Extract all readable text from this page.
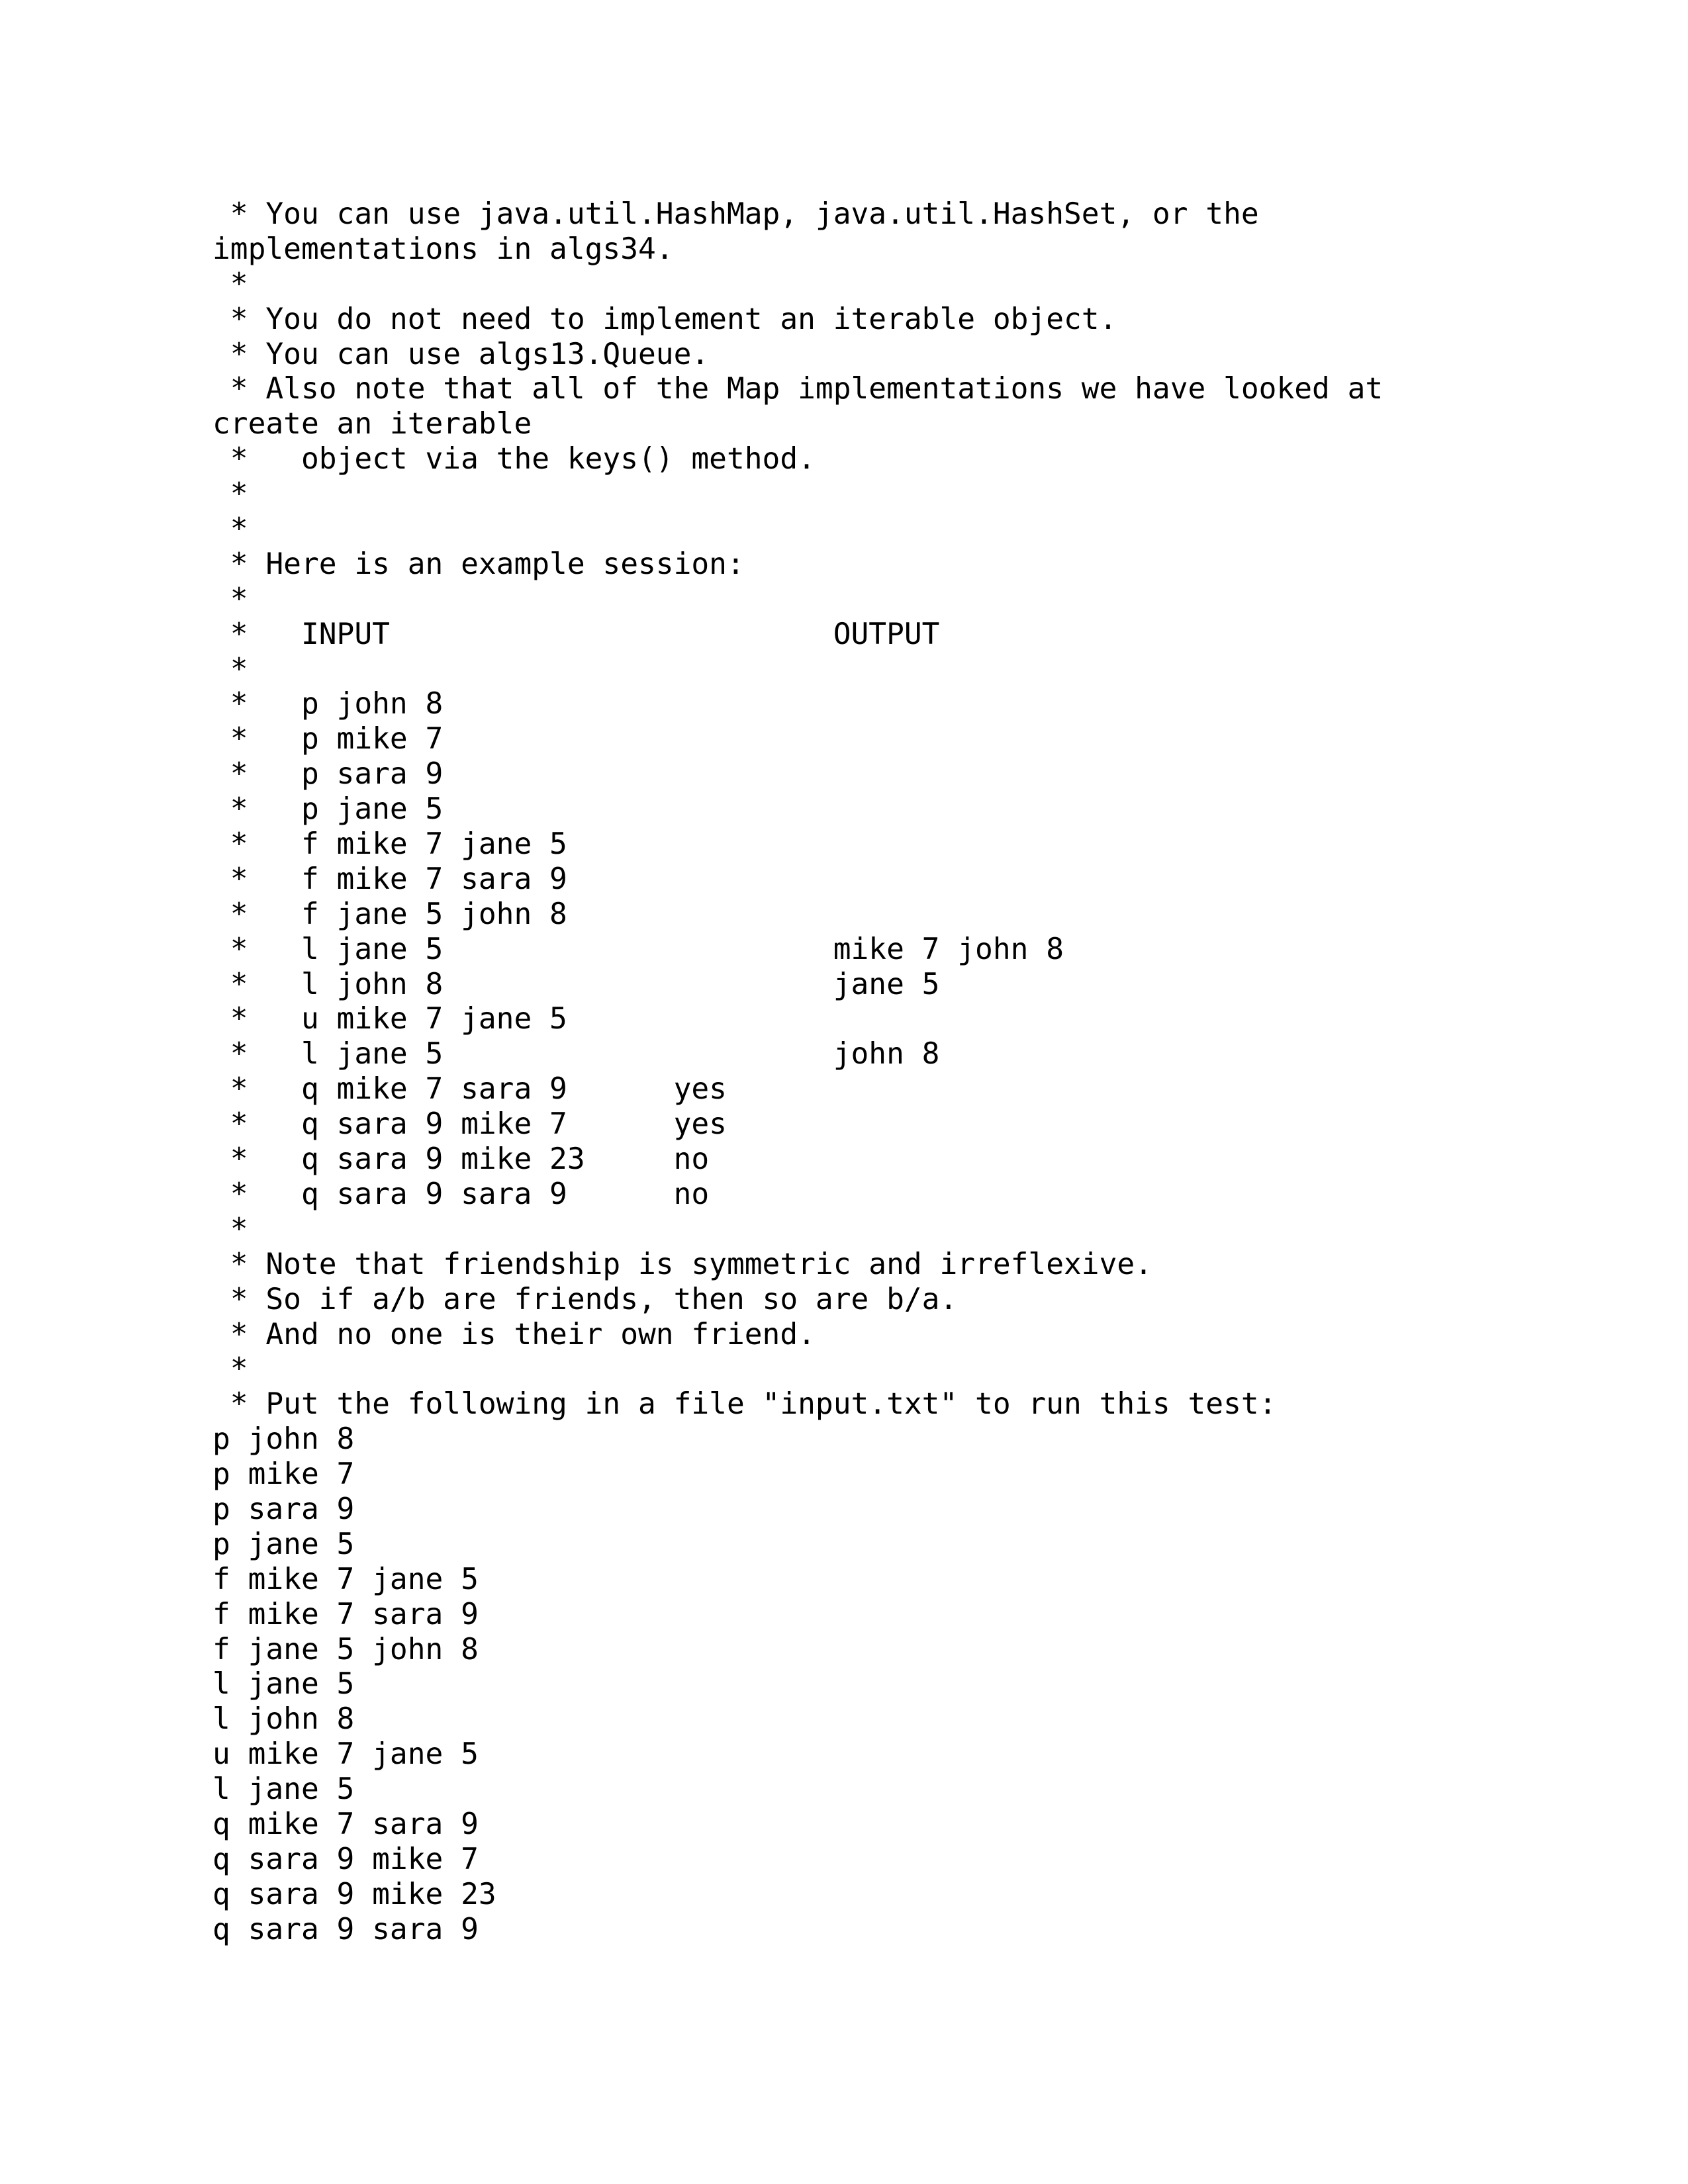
* You can use java.util.HashMap, java.util.HashSet, or the
implementations in algs34.
*
* You do not need to implement an iterable object.
* You can use algs13.Queue.
* Also note that all of the Map implementations we have looked at
create an iterable
*   object via the keys() method.
*
*
* Here is an example session:
*
*   INPUT                         OUTPUT
*
*   p john 8
*   p mike 7
*   p sara 9
*   p jane 5
*   f mike 7 jane 5
*   f mike 7 sara 9
*   f jane 5 john 8
*   l jane 5                      mike 7 john 8
*   l john 8                      jane 5
*   u mike 7 jane 5
*   l jane 5                      john 8
*   q mike 7 sara 9      yes
*   q sara 9 mike 7      yes
*   q sara 9 mike 23     no
*   q sara 9 sara 9      no
*
* Note that friendship is symmetric and irreflexive.
* So if a/b are friends, then so are b/a.
* And no one is their own friend.
*
* Put the following in a file "input.txt" to run this test:
p john 8
p mike 7
p sara 9
p jane 5
f mike 7 jane 5
f mike 7 sara 9
f jane 5 john 8
l jane 5
l john 8
u mike 7 jane 5
l jane 5
q mike 7 sara 9
q sara 9 mike 7
q sara 9 mike 23
q sara 9 sara 9
